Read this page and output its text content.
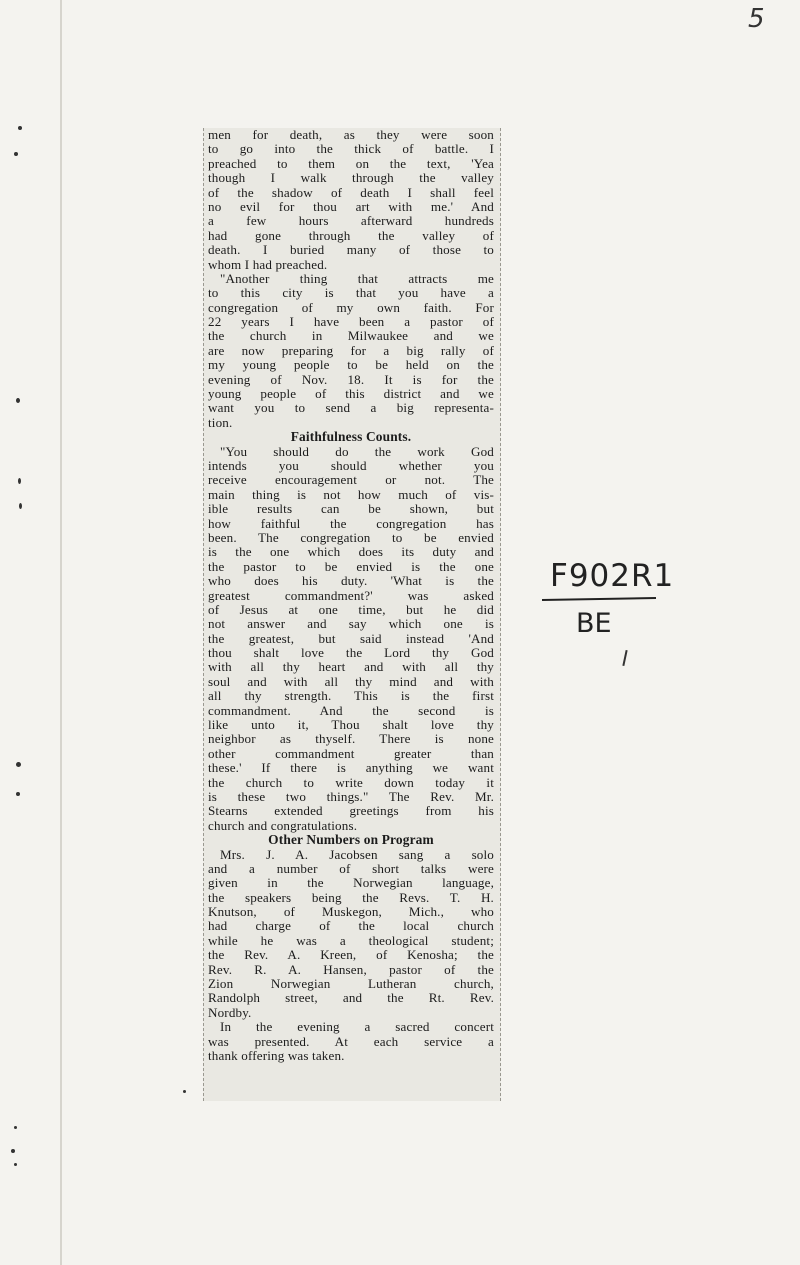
5
men for death, as they were soon
to go into the thick of battle. I
preached to them on the text, 'Yea
though I walk through the valley
of the shadow of death I shall feel
no evil for thou art with me.' And
a few hours afterward hundreds
had gone through the valley of
death. I buried many of those to
whom I had preached.
"Another thing that attracts me
to this city is that you have a
congregation of my own faith. For
22 years I have been a pastor of
the church in Milwaukee and we
are now preparing for a big rally of
my young people to be held on the
evening of Nov. 18. It is for the
young people of this district and we
want you to send a big representa-
tion.
Faithfulness Counts.
"You should do the work God
intends you should whether you
receive encouragement or not. The
main thing is not how much of vis-
ible results can be shown, but
how faithful the congregation has
been. The congregation to be envied
is the one which does its duty and
the pastor to be envied is the one
who does his duty. 'What is the
greatest commandment?' was asked
of Jesus at one time, but he did
not answer and say which one is
the greatest, but said instead 'And
thou shalt love the Lord thy God
with all thy heart and with all thy
soul and with all thy mind and with
all thy strength. This is the first
commandment. And the second is
like unto it, Thou shalt love thy
neighbor as thyself. There is none
other commandment greater than
these.' If there is anything we want
the church to write down today it
is these two things." The Rev. Mr.
Stearns extended greetings from his
church and congratulations.
Other Numbers on Program
Mrs. J. A. Jacobsen sang a solo
and a number of short talks were
given in the Norwegian language,
the speakers being the Revs. T. H.
Knutson, of Muskegon, Mich., who
had charge of the local church
while he was a theological student;
the Rev. A. Kreen, of Kenosha; the
Rev. R. A. Hansen, pastor of the
Zion Norwegian Lutheran church,
Randolph street, and the Rt. Rev.
Nordby.
In the evening a sacred concert
was presented. At each service a
thank offering was taken.
F902R1
BE
